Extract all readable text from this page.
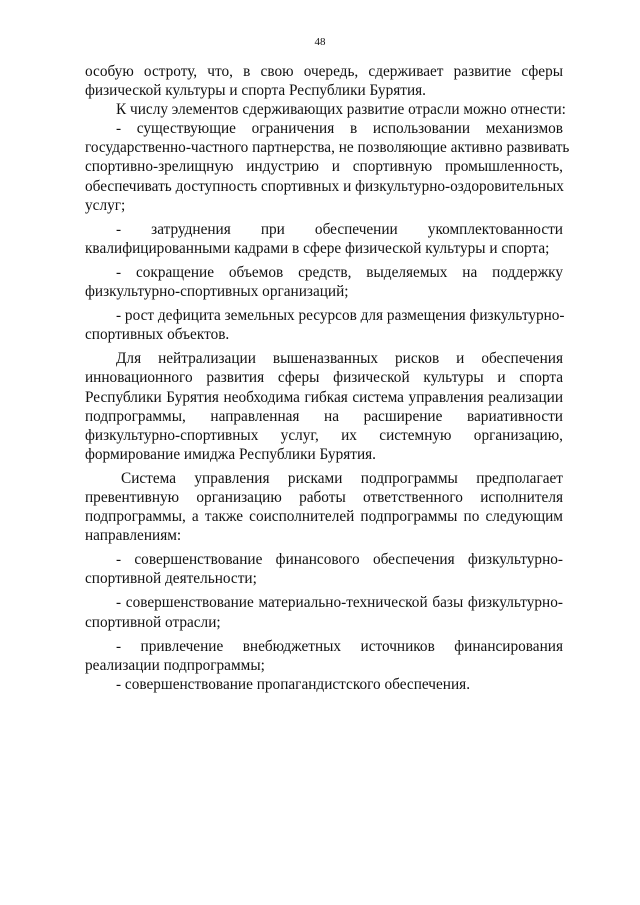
48
особую остроту, что, в свою очередь, сдерживает развитие сферы
физической культуры и спорта Республики Бурятия.
К числу элементов сдерживающих развитие отрасли можно отнести:
- существующие ограничения в использовании механизмов
государственно-частного партнерства, не позволяющие активно развивать
спортивно-зрелищную индустрию и спортивную промышленность,
обеспечивать доступность спортивных и физкультурно-оздоровительных
услуг;
- затруднения при обеспечении укомплектованности
квалифицированными кадрами в сфере физической культуры и спорта;
- сокращение объемов средств, выделяемых на поддержку
физкультурно-спортивных организаций;
- рост дефицита земельных ресурсов для размещения физкультурно-
спортивных объектов.
Для нейтрализации вышеназванных рисков и обеспечения
инновационного развития сферы физической культуры и спорта
Республики Бурятия необходима гибкая система управления реализации
подпрограммы, направленная на расширение вариативности
физкультурно-спортивных услуг, их системную организацию,
формирование имиджа Республики Бурятия.
Система управления рисками подпрограммы предполагает
превентивную организацию работы ответственного исполнителя
подпрограммы, а также соисполнителей подпрограммы по следующим
направлениям:
- совершенствование финансового обеспечения физкультурно-
спортивной деятельности;
- совершенствование материально-технической базы физкультурно-
спортивной отрасли;
- привлечение внебюджетных источников финансирования
реализации подпрограммы;
- совершенствование пропагандистского обеспечения.
